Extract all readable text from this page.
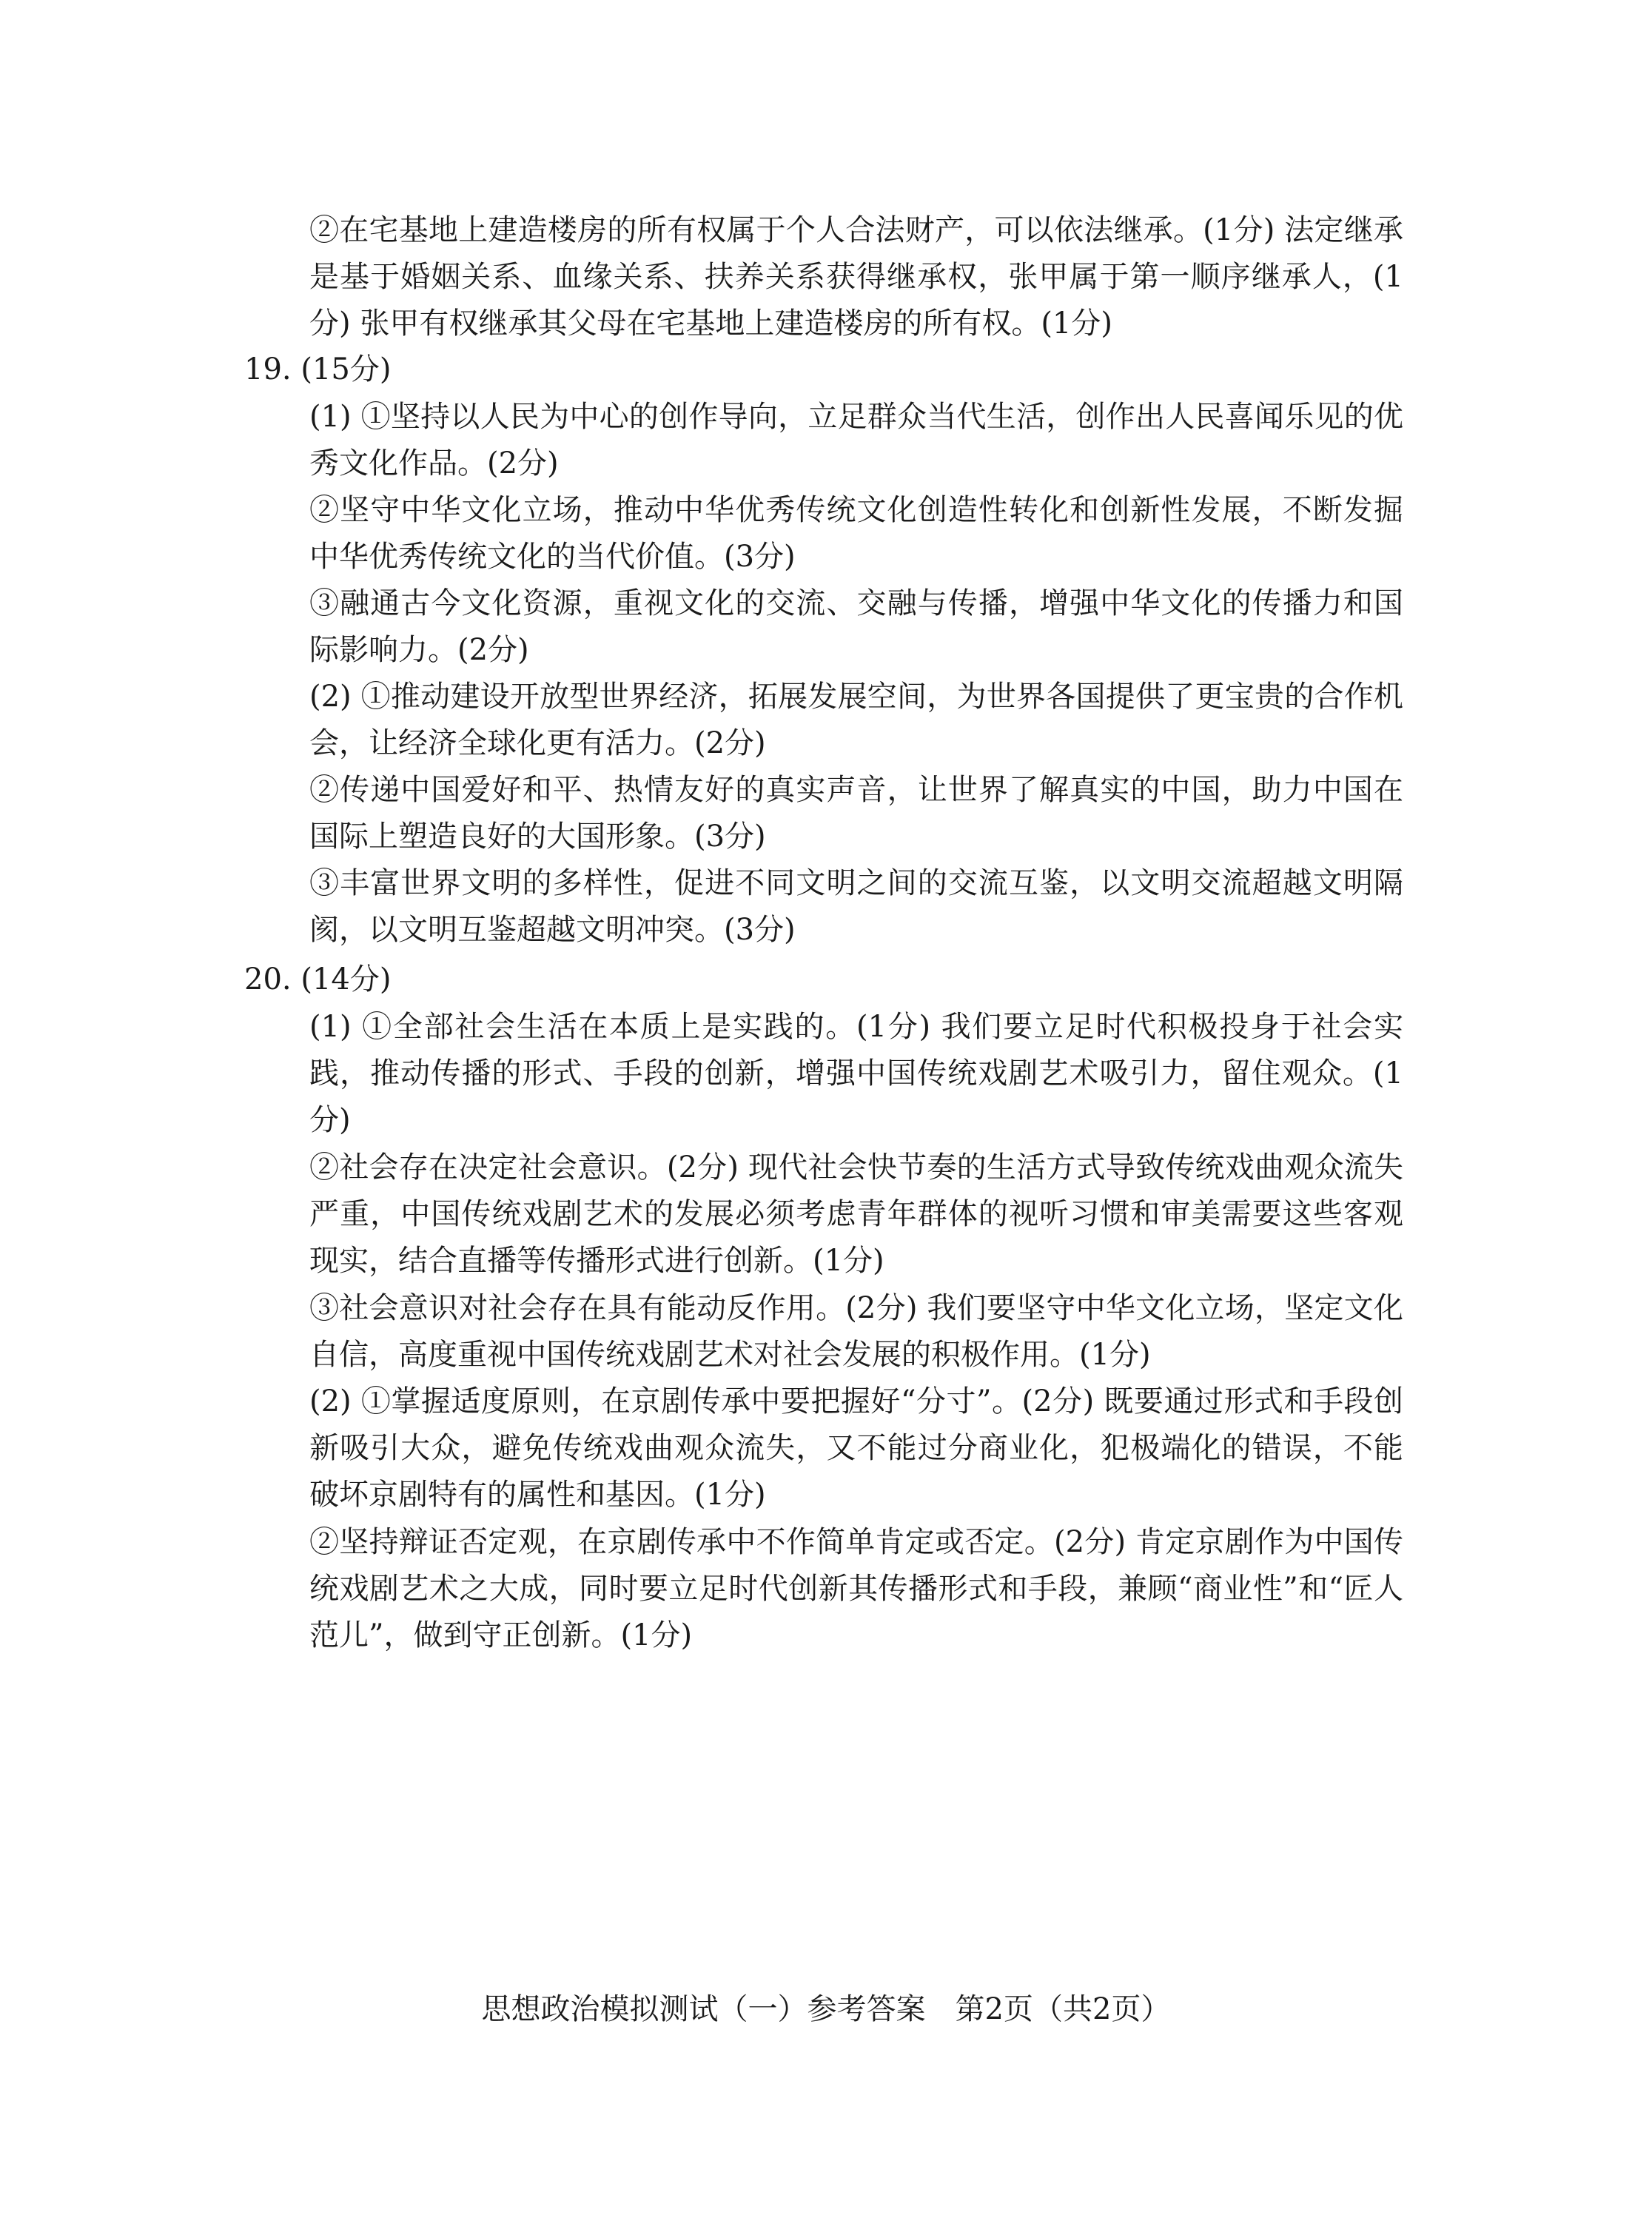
②在宅基地上建造楼房的所有权属于个人合法财产，可以依法继承。(1分) 法定继承是基于婚姻关系、血缘关系、扶养关系获得继承权，张甲属于第一顺序继承人，(1分) 张甲有权继承其父母在宅基地上建造楼房的所有权。(1分)
19. (15分)
(1) ①坚持以人民为中心的创作导向，立足群众当代生活，创作出人民喜闻乐见的优秀文化作品。(2分)
②坚守中华文化立场，推动中华优秀传统文化创造性转化和创新性发展，不断发掘中华优秀传统文化的当代价值。(3分)
③融通古今文化资源，重视文化的交流、交融与传播，增强中华文化的传播力和国际影响力。(2分)
(2) ①推动建设开放型世界经济，拓展发展空间，为世界各国提供了更宝贵的合作机会，让经济全球化更有活力。(2分)
②传递中国爱好和平、热情友好的真实声音，让世界了解真实的中国，助力中国在国际上塑造良好的大国形象。(3分)
③丰富世界文明的多样性，促进不同文明之间的交流互鉴，以文明交流超越文明隔阂，以文明互鉴超越文明冲突。(3分)
20. (14分)
(1) ①全部社会生活在本质上是实践的。(1分) 我们要立足时代积极投身于社会实践，推动传播的形式、手段的创新，增强中国传统戏剧艺术吸引力，留住观众。(1分)
②社会存在决定社会意识。(2分) 现代社会快节奏的生活方式导致传统戏曲观众流失严重，中国传统戏剧艺术的发展必须考虑青年群体的视听习惯和审美需要这些客观现实，结合直播等传播形式进行创新。(1分)
③社会意识对社会存在具有能动反作用。(2分) 我们要坚守中华文化立场，坚定文化自信，高度重视中国传统戏剧艺术对社会发展的积极作用。(1分)
(2) ①掌握适度原则，在京剧传承中要把握好“分寸”。(2分) 既要通过形式和手段创新吸引大众，避免传统戏曲观众流失，又不能过分商业化，犯极端化的错误，不能破坏京剧特有的属性和基因。(1分)
②坚持辩证否定观，在京剧传承中不作简单肯定或否定。(2分) 肯定京剧作为中国传统戏剧艺术之大成，同时要立足时代创新其传播形式和手段，兼顾“商业性”和“匠人范儿”，做到守正创新。(1分)
思想政治模拟测试（一）参考答案　第2页（共2页）
